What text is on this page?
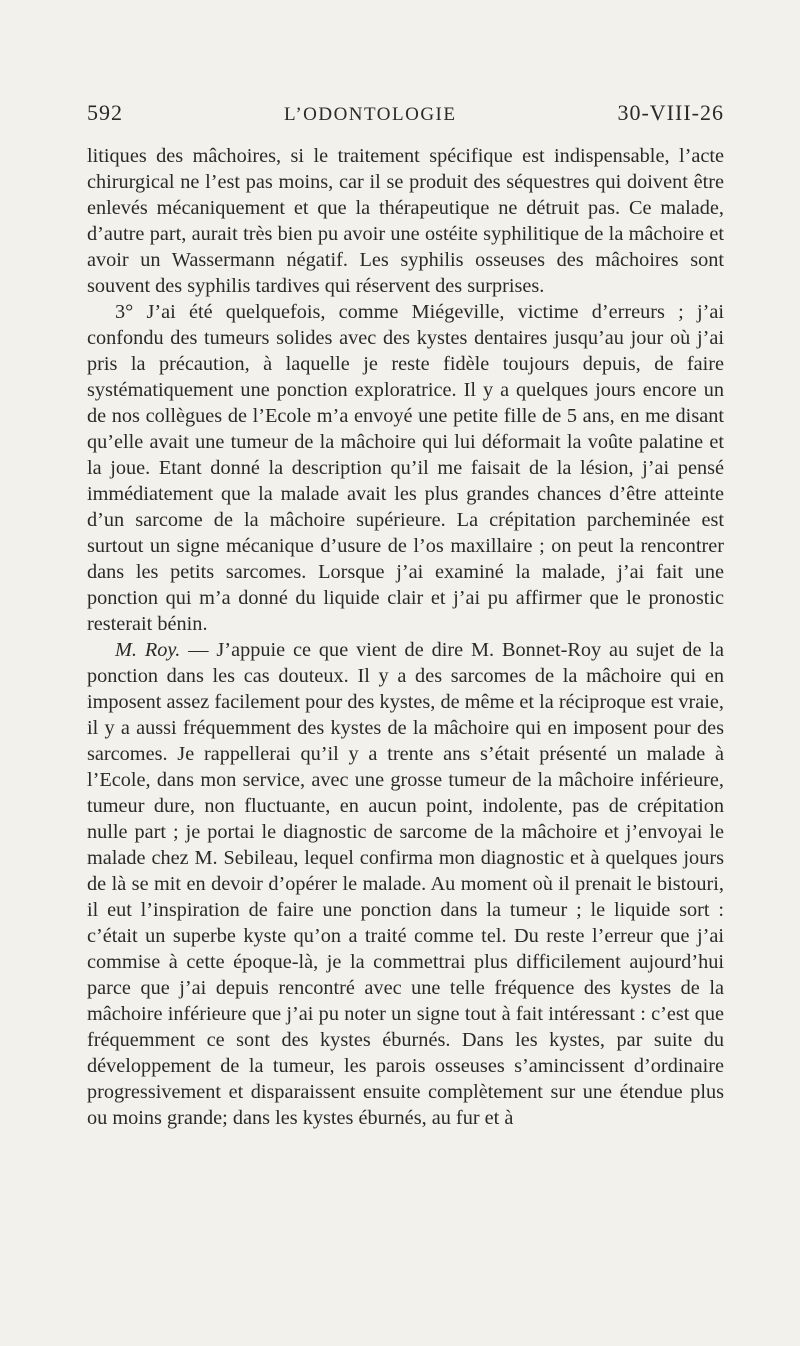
592	L’ODONTOLOGIE	30-VIII-26

litiques des mâchoires, si le traitement spécifique est indispensable, l’acte chirurgical ne l’est pas moins, car il se produit des séquestres qui doivent être enlevés mécaniquement et que la thérapeutique ne détruit pas. Ce malade, d’autre part, aurait très bien pu avoir une ostéite syphilitique de la mâchoire et avoir un Wassermann négatif. Les syphilis osseuses des mâchoires sont souvent des syphilis tardives qui réservent des surprises.

3° J’ai été quelquefois, comme Miégeville, victime d’erreurs ; j’ai confondu des tumeurs solides avec des kystes dentaires jusqu’au jour où j’ai pris la précaution, à laquelle je reste fidèle toujours depuis, de faire systématiquement une ponction exploratrice. Il y a quelques jours encore un de nos collègues de l’Ecole m’a envoyé une petite fille de 5 ans, en me disant qu’elle avait une tumeur de la mâchoire qui lui déformait la voûte palatine et la joue. Etant donné la description qu’il me faisait de la lésion, j’ai pensé immédiatement que la malade avait les plus grandes chances d’être atteinte d’un sarcome de la mâchoire supérieure. La crépitation parcheminée est surtout un signe mécanique d’usure de l’os maxillaire ; on peut la rencontrer dans les petits sarcomes. Lorsque j’ai examiné la malade, j’ai fait une ponction qui m’a donné du liquide clair et j’ai pu affirmer que le pronostic resterait bénin.

M. Roy. — J’appuie ce que vient de dire M. Bonnet-Roy au sujet de la ponction dans les cas douteux. Il y a des sarcomes de la mâchoire qui en imposent assez facilement pour des kystes, de même et la réciproque est vraie, il y a aussi fréquemment des kystes de la mâchoire qui en imposent pour des sarcomes. Je rappellerai qu’il y a trente ans s’était présenté un malade à l’Ecole, dans mon service, avec une grosse tumeur de la mâchoire inférieure, tumeur dure, non fluctuante, en aucun point, indolente, pas de crépitation nulle part ; je portai le diagnostic de sarcome de la mâchoire et j’envoyai le malade chez M. Sebileau, lequel confirma mon diagnostic et à quelques jours de là se mit en devoir d’opérer le malade. Au moment où il prenait le bistouri, il eut l’inspiration de faire une ponction dans la tumeur ; le liquide sort : c’était un superbe kyste qu’on a traité comme tel. Du reste l’erreur que j’ai commise à cette époque-là, je la commettrai plus difficilement aujourd’hui parce que j’ai depuis rencontré avec une telle fréquence des kystes de la mâchoire inférieure que j’ai pu noter un signe tout à fait intéressant : c’est que fréquemment ce sont des kystes éburnés. Dans les kystes, par suite du développement de la tumeur, les parois osseuses s’amincissent d’ordinaire progressivement et disparaissent ensuite complètement sur une étendue plus ou moins grande; dans les kystes éburnés, au fur et à
